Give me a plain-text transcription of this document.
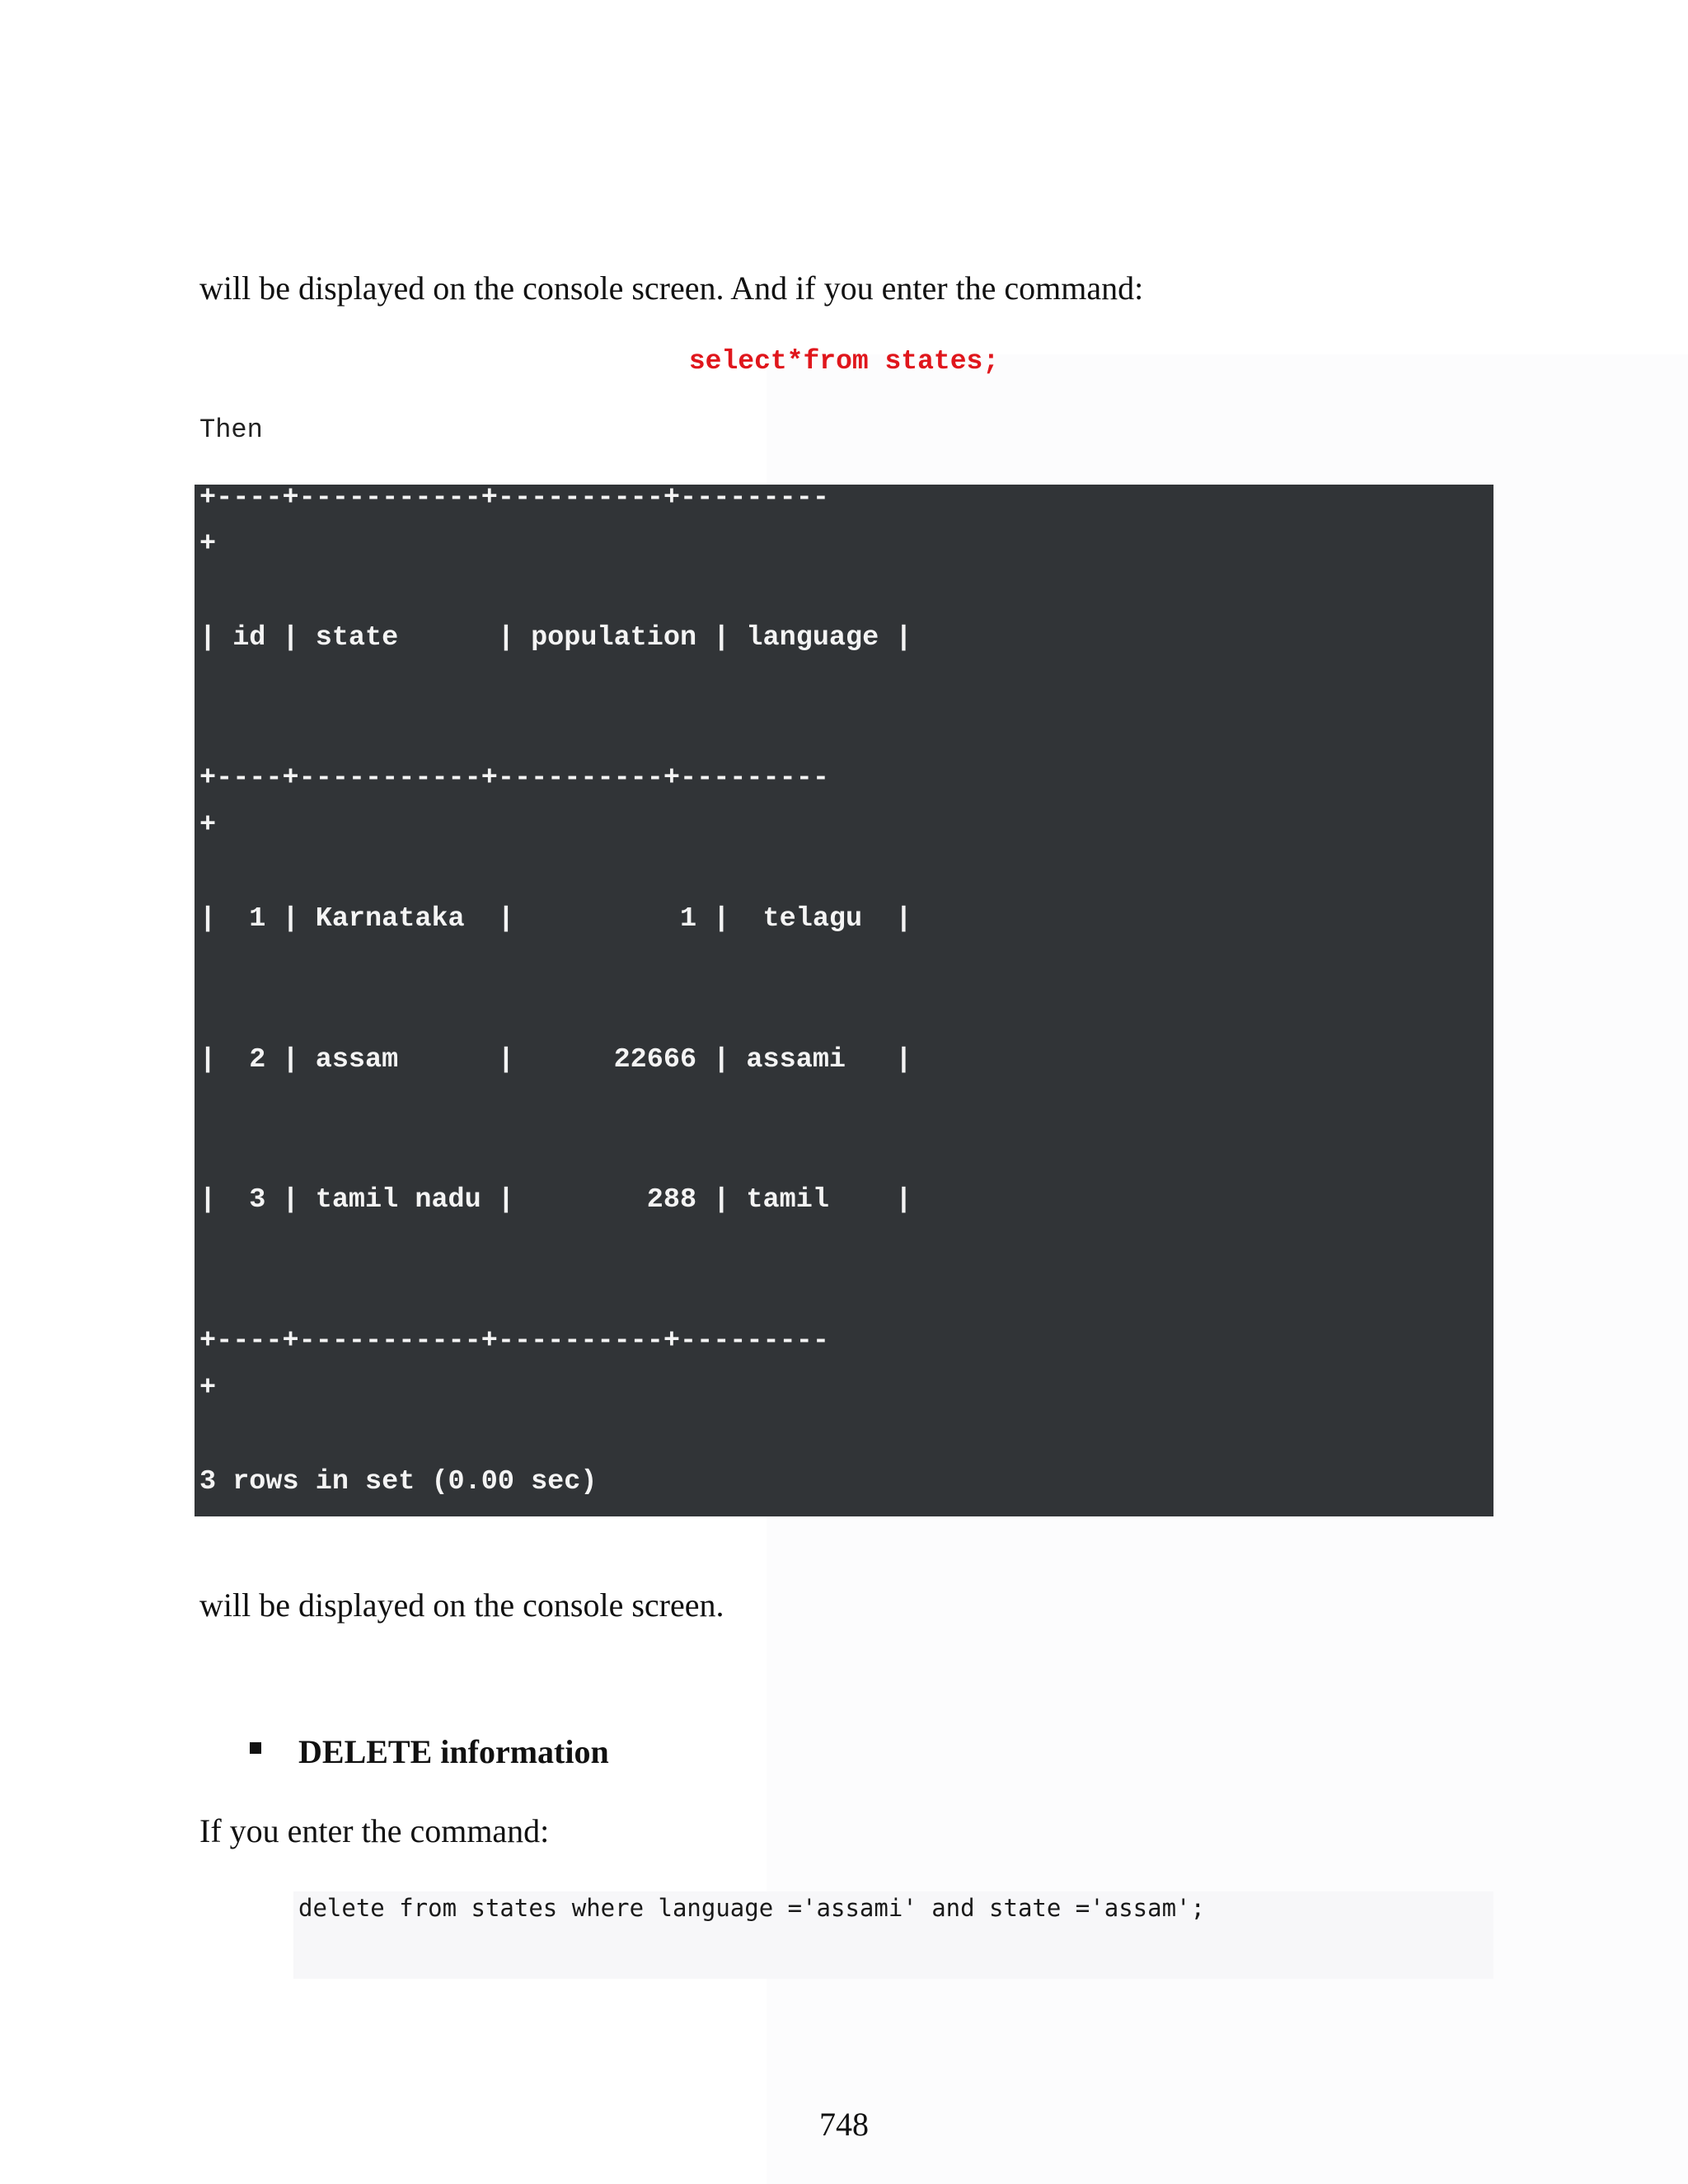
will be displayed on the console screen. And if you enter the command:
select*from states;
Then
+----+-----------+----------+---------
+
| id | state      | population | language |
+----+-----------+----------+---------
+
|  1 | Karnataka  |          1 |  telagu  |
|  2 | assam      |      22666 | assami   |
|  3 | tamil nadu |        288 | tamil    |
+----+-----------+----------+---------
+
3 rows in set (0.00 sec)
will be displayed on the console screen.
DELETE information
If you enter the command:
delete from states where language ='assami' and state ='assam';
748
